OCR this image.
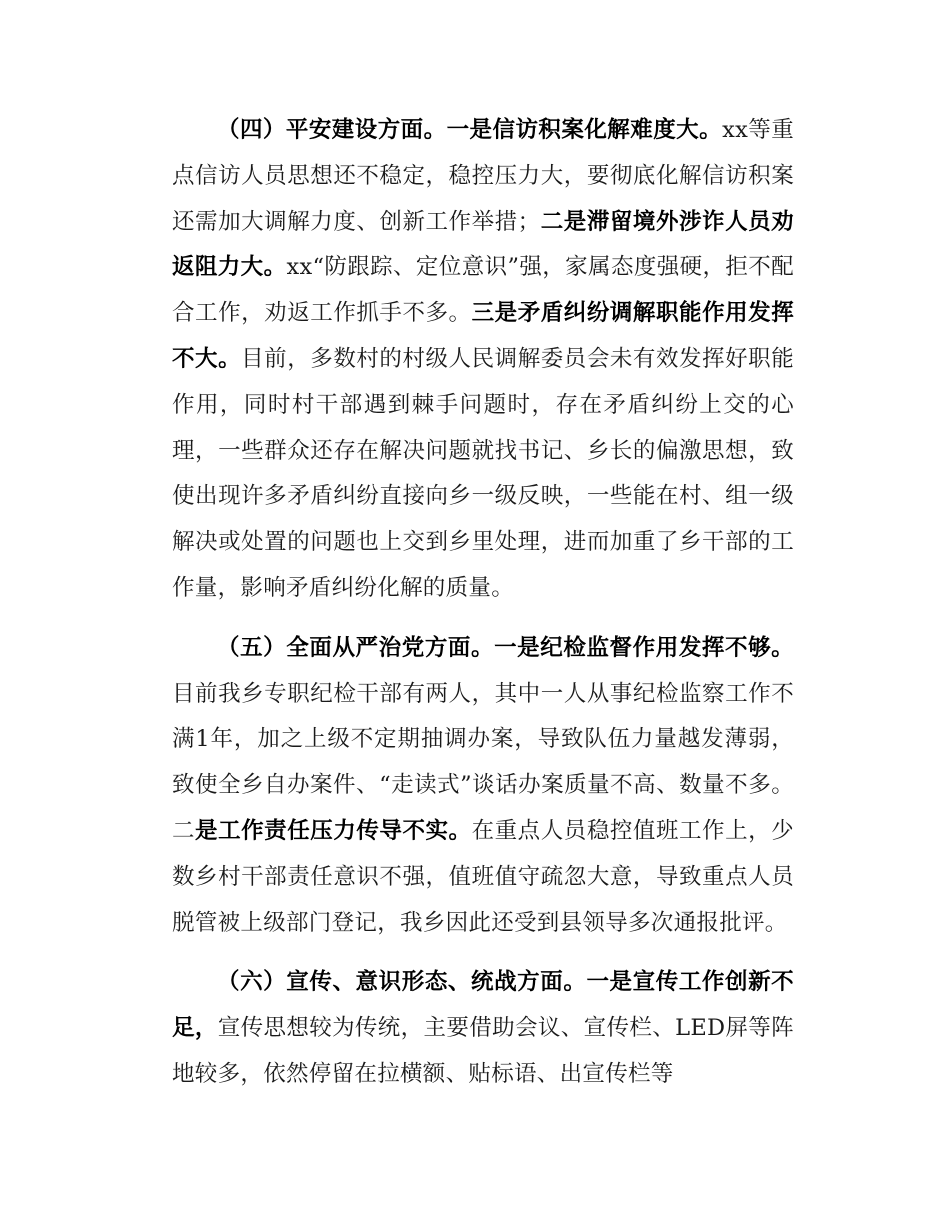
（四）平安建设方面。一是信访积案化解难度大。xx等重点信访人员思想还不稳定，稳控压力大，要彻底化解信访积案还需加大调解力度、创新工作举措；二是滞留境外涉诈人员劝返阻力大。xx“防跟踪、定位意识”强，家属态度强硬，拒不配合工作，劝返工作抓手不多。三是矛盾纠纷调解职能作用发挥不大。目前，多数村的村级人民调解委员会未有效发挥好职能作用，同时村干部遇到棘手问题时，存在矛盾纠纷上交的心理，一些群众还存在解决问题就找书记、乡长的偏激思想，致使出现许多矛盾纠纷直接向乡一级反映，一些能在村、组一级解决或处置的问题也上交到乡里处理，进而加重了乡干部的工作量，影响矛盾纠纷化解的质量。

（五）全面从严治党方面。一是纪检监督作用发挥不够。目前我乡专职纪检干部有两人，其中一人从事纪检监察工作不满1年，加之上级不定期抽调办案，导致队伍力量越发薄弱，致使全乡自办案件、“走读式”谈话办案质量不高、数量不多。二是工作责任压力传导不实。在重点人员稳控值班工作上，少数乡村干部责任意识不强，值班值守疏忽大意，导致重点人员脱管被上级部门登记，我乡因此还受到县领导多次通报批评。

（六）宣传、意识形态、统战方面。一是宣传工作创新不足，宣传思想较为传统，主要借助会议、宣传栏、LED屏等阵地较多，依然停留在拉横额、贴标语、出宣传栏等
